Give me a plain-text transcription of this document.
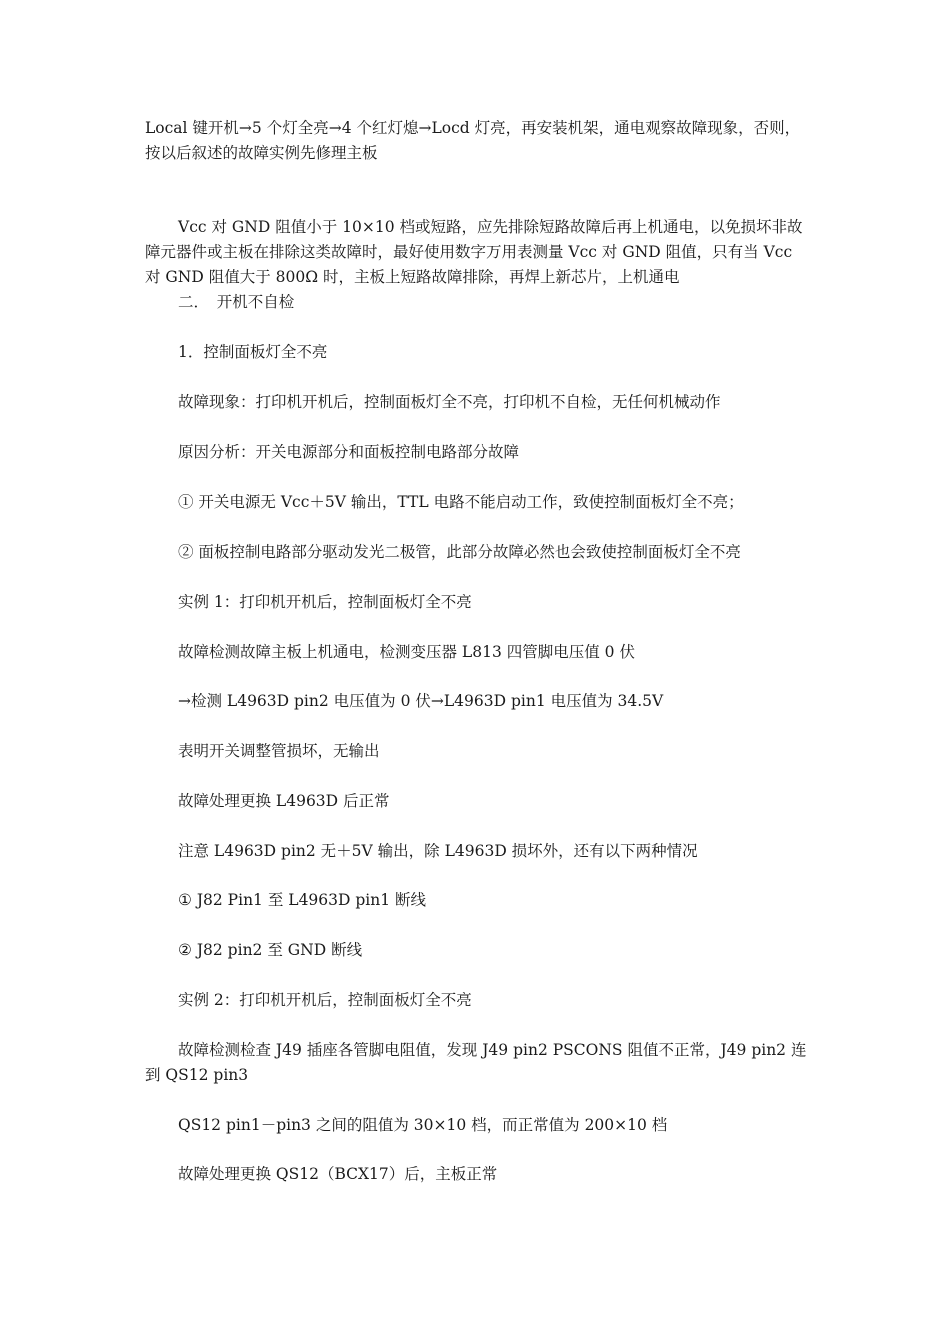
Local 键开机→5 个灯全亮→4 个红灯熄→Locd 灯亮，再安装机架，通电观察故障现象，否则，按以后叙述的故障实例先修理主板

Vcc 对 GND 阻值小于 10×10 档或短路，应先排除短路故障后再上机通电，以免损坏非故障元器件或主板在排除这类故障时，最好使用数字万用表测量 Vcc 对 GND 阻值，只有当 Vcc 对 GND 阻值大于 800Ω 时，主板上短路故障排除，再焊上新芯片，上机通电

二．　开机不自检

1．控制面板灯全不亮

故障现象：打印机开机后，控制面板灯全不亮，打印机不自检，无任何机械动作

原因分析：开关电源部分和面板控制电路部分故障

① 开关电源无 Vcc＋5V 输出，TTL 电路不能启动工作，致使控制面板灯全不亮；

② 面板控制电路部分驱动发光二极管，此部分故障必然也会致使控制面板灯全不亮

实例 1：打印机开机后，控制面板灯全不亮

故障检测故障主板上机通电，检测变压器 L813 四管脚电压值 0 伏

→检测 L4963D pin2 电压值为 0 伏→L4963D pin1 电压值为 34.5V

表明开关调整管损坏，无输出

故障处理更换 L4963D 后正常

注意 L4963D pin2 无＋5V 输出，除 L4963D 损坏外，还有以下两种情况

① J82 Pin1 至 L4963D pin1 断线

② J82 pin2 至 GND 断线

实例 2：打印机开机后，控制面板灯全不亮

故障检测检查 J49 插座各管脚电阻值，发现 J49 pin2 PSCONS 阻值不正常，J49 pin2 连到 QS12 pin3

QS12 pin1－pin3 之间的阻值为 30×10 档，而正常值为 200×10 档

故障处理更换 QS12（BCX17）后，主板正常
